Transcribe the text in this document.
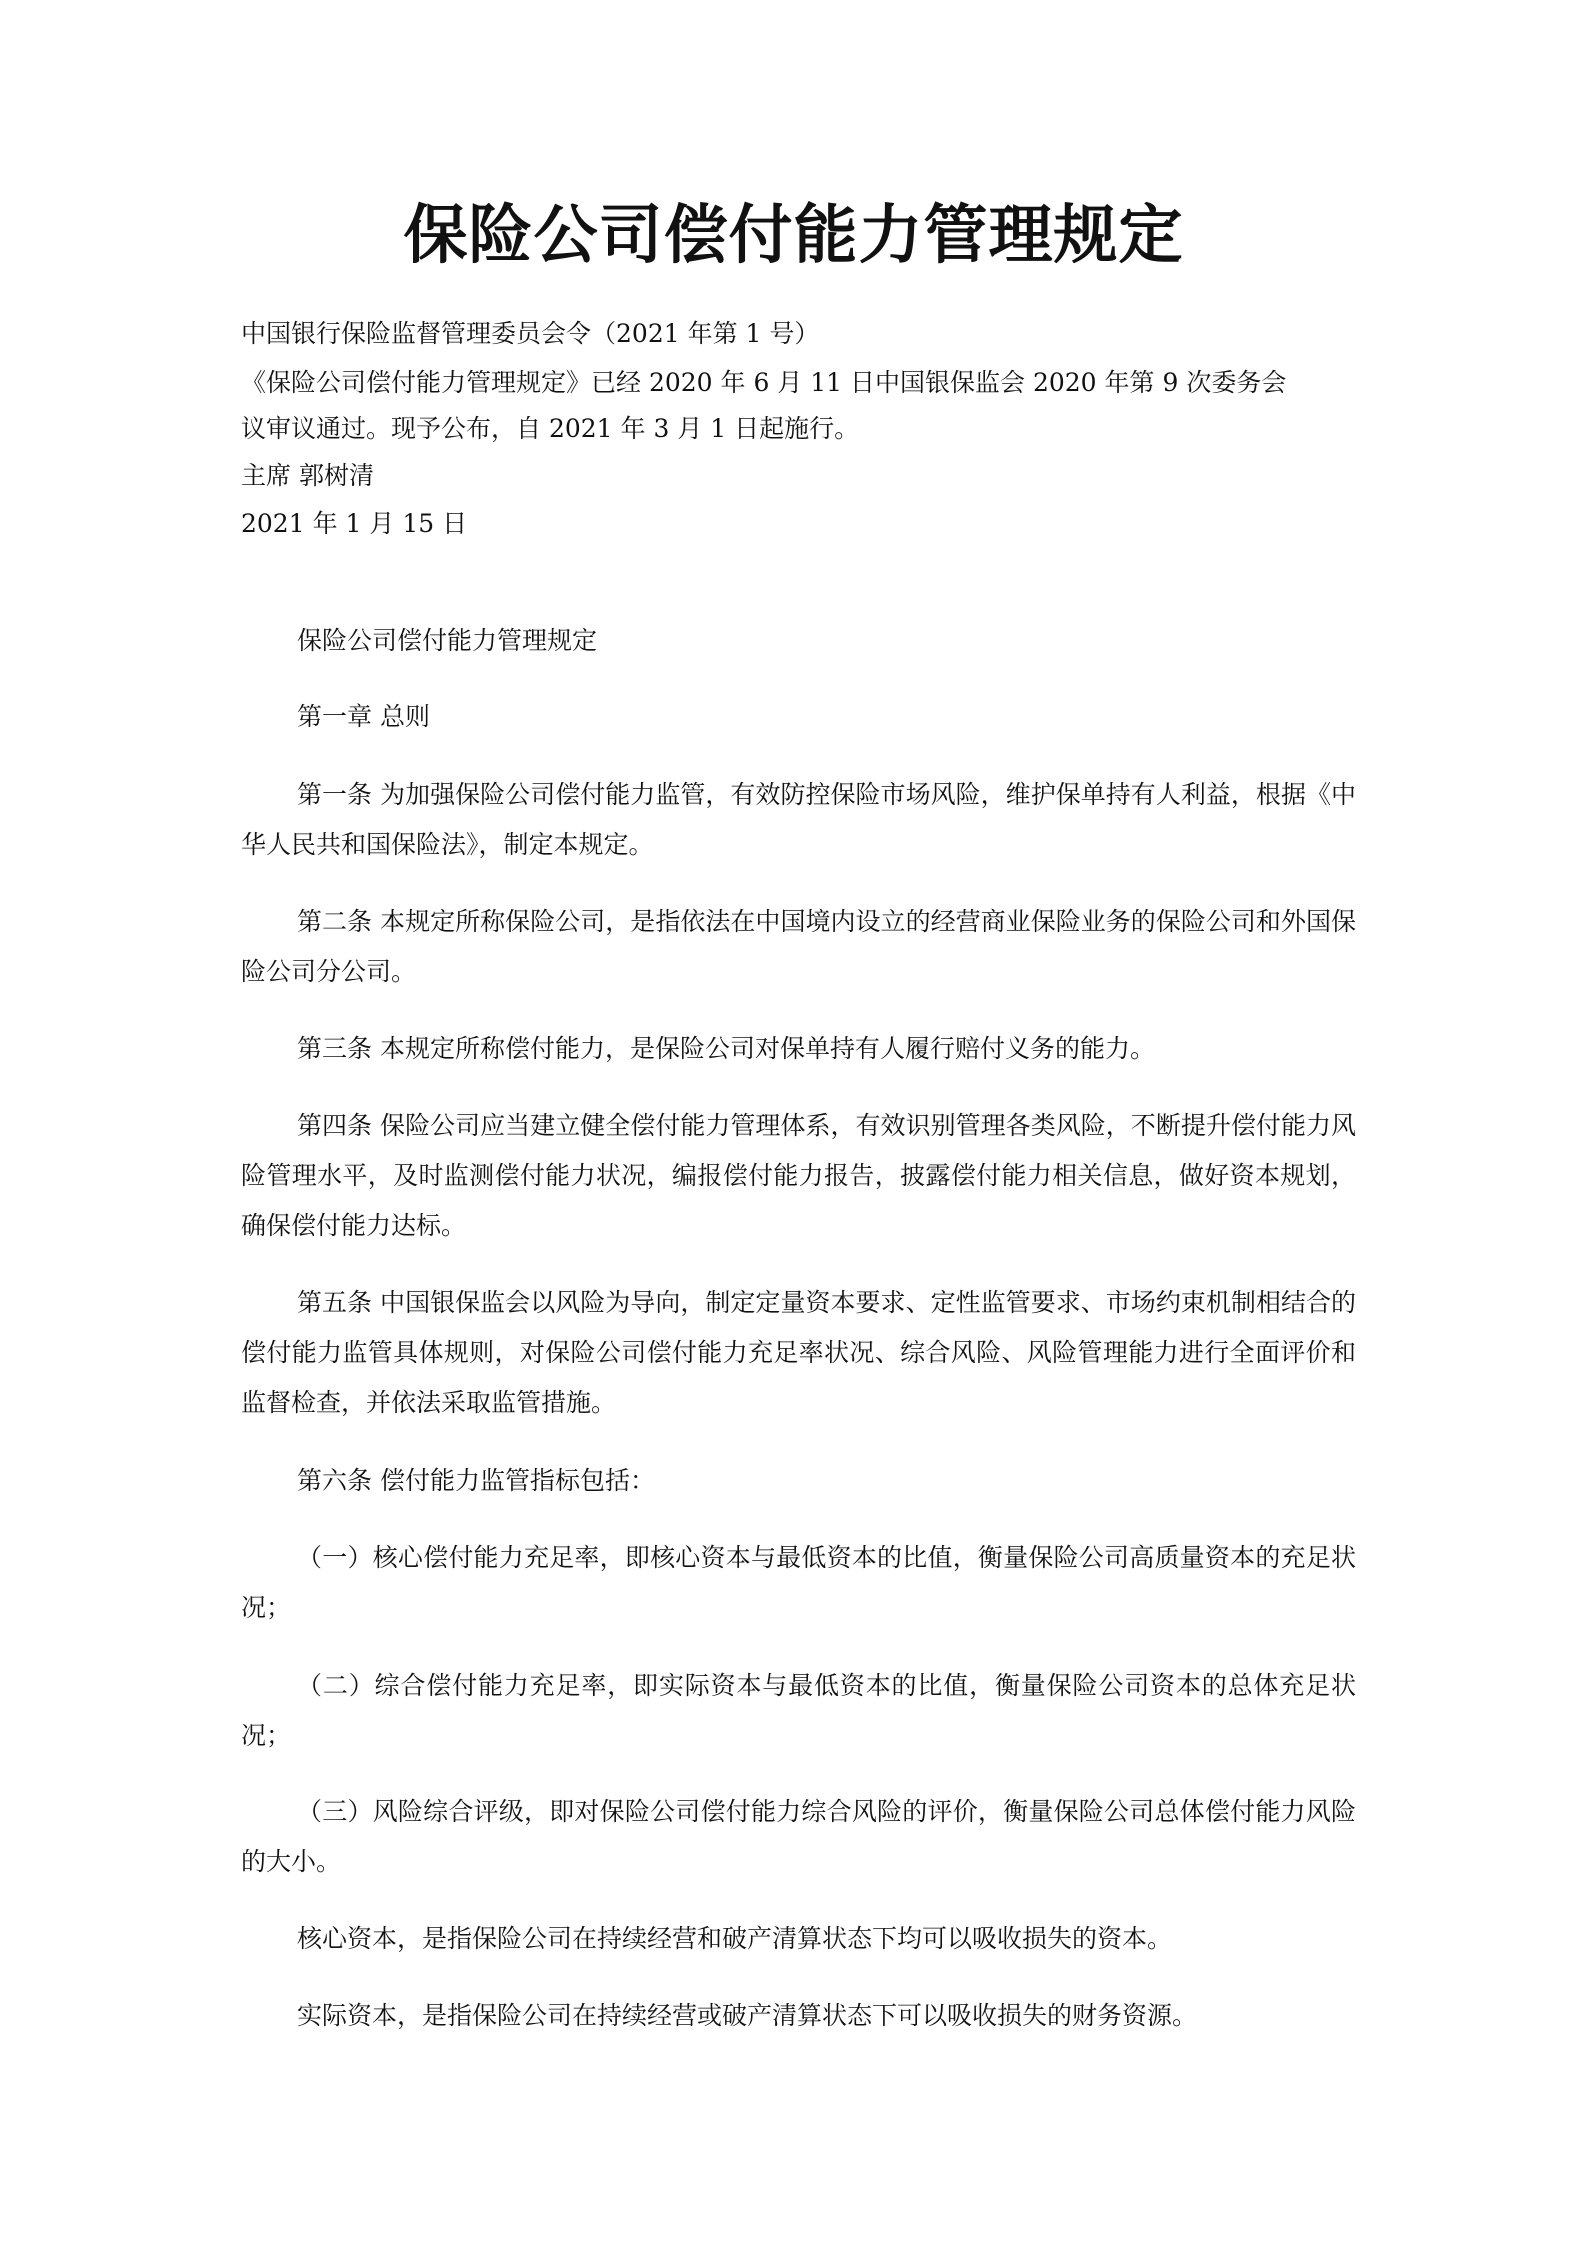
保险公司偿付能力管理规定
中国银行保险监督管理委员会令（2021 年第 1 号）
《保险公司偿付能力管理规定》已经 2020 年 6 月 11 日中国银保监会 2020 年第 9 次委务会
议审议通过。现予公布，自 2021 年 3 月 1 日起施行。
主席 郭树清
2021 年 1 月 15 日
保险公司偿付能力管理规定
第一章 总则
第一条 为加强保险公司偿付能力监管，有效防控保险市场风险，维护保单持有人利益，根据《中华人民共和国保险法》，制定本规定。
第二条 本规定所称保险公司，是指依法在中国境内设立的经营商业保险业务的保险公司和外国保险公司分公司。
第三条 本规定所称偿付能力，是保险公司对保单持有人履行赔付义务的能力。
第四条 保险公司应当建立健全偿付能力管理体系，有效识别管理各类风险，不断提升偿付能力风险管理水平，及时监测偿付能力状况，编报偿付能力报告，披露偿付能力相关信息，做好资本规划，确保偿付能力达标。
第五条 中国银保监会以风险为导向，制定定量资本要求、定性监管要求、市场约束机制相结合的偿付能力监管具体规则，对保险公司偿付能力充足率状况、综合风险、风险管理能力进行全面评价和监督检查，并依法采取监管措施。
第六条 偿付能力监管指标包括：
（一）核心偿付能力充足率，即核心资本与最低资本的比值，衡量保险公司高质量资本的充足状况；
（二）综合偿付能力充足率，即实际资本与最低资本的比值，衡量保险公司资本的总体充足状况；
（三）风险综合评级，即对保险公司偿付能力综合风险的评价，衡量保险公司总体偿付能力风险的大小。
核心资本，是指保险公司在持续经营和破产清算状态下均可以吸收损失的资本。
实际资本，是指保险公司在持续经营或破产清算状态下可以吸收损失的财务资源。
